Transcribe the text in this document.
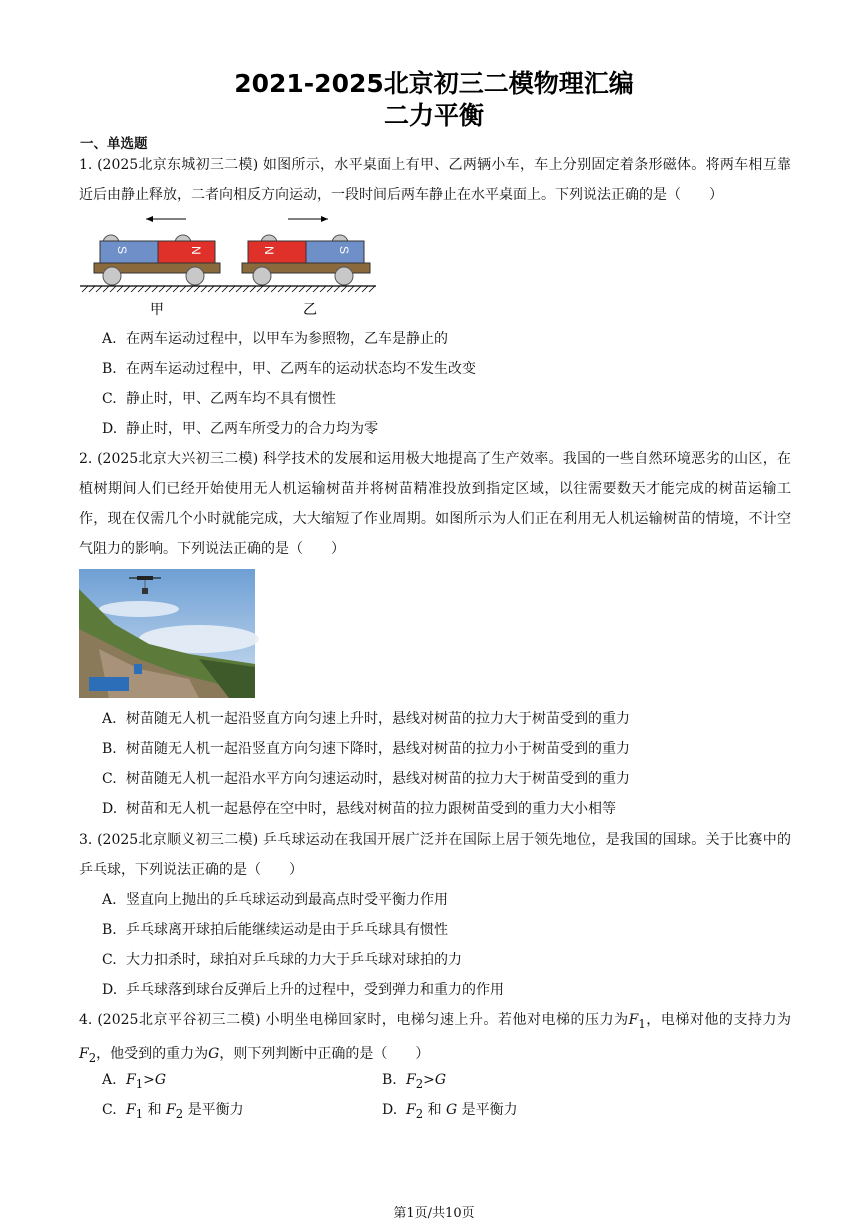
2021-2025北京初三二模物理汇编
二力平衡
一、单选题
1. (2025北京东城初三二模) 如图所示，水平桌面上有甲、乙两辆小车，车上分别固定着条形磁体。将两车相互靠近后由静止释放，二者向相反方向运动，一段时间后两车静止在水平桌面上。下列说法正确的是（　　）
S	N	N	S
甲	乙
A. 在两车运动过程中，以甲车为参照物，乙车是静止的
B. 在两车运动过程中，甲、乙两车的运动状态均不发生改变
C. 静止时，甲、乙两车均不具有惯性
D. 静止时，甲、乙两车所受力的合力均为零
2. (2025北京大兴初三二模) 科学技术的发展和运用极大地提高了生产效率。我国的一些自然环境恶劣的山区，在植树期间人们已经开始使用无人机运输树苗并将树苗精准投放到指定区域，以往需要数天才能完成的树苗运输工作，现在仅需几个小时就能完成，大大缩短了作业周期。如图所示为人们正在利用无人机运输树苗的情境，不计空气阻力的影响。下列说法正确的是（　　）
A. 树苗随无人机一起沿竖直方向匀速上升时，悬线对树苗的拉力大于树苗受到的重力
B. 树苗随无人机一起沿竖直方向匀速下降时，悬线对树苗的拉力小于树苗受到的重力
C. 树苗随无人机一起沿水平方向匀速运动时，悬线对树苗的拉力大于树苗受到的重力
D. 树苗和无人机一起悬停在空中时，悬线对树苗的拉力跟树苗受到的重力大小相等
3. (2025北京顺义初三二模) 乒乓球运动在我国开展广泛并在国际上居于领先地位，是我国的国球。关于比赛中的乒乓球，下列说法正确的是（　　）
A. 竖直向上抛出的乒乓球运动到最高点时受平衡力作用
B. 乒乓球离开球拍后能继续运动是由于乒乓球具有惯性
C. 大力扣杀时，球拍对乒乓球的力大于乒乓球对球拍的力
D. 乒乓球落到球台反弹后上升的过程中，受到弹力和重力的作用
4. (2025北京平谷初三二模) 小明坐电梯回家时，电梯匀速上升。若他对电梯的压力为$F_1$，电梯对他的支持力为$F_2$，他受到的重力为G，则下列判断中正确的是（　　）
A. $F_1>G$	B. $F_2>G$
C. $F_1$ 和 $F_2$ 是平衡力	D. $F_2$ 和 G 是平衡力
第1页/共10页
